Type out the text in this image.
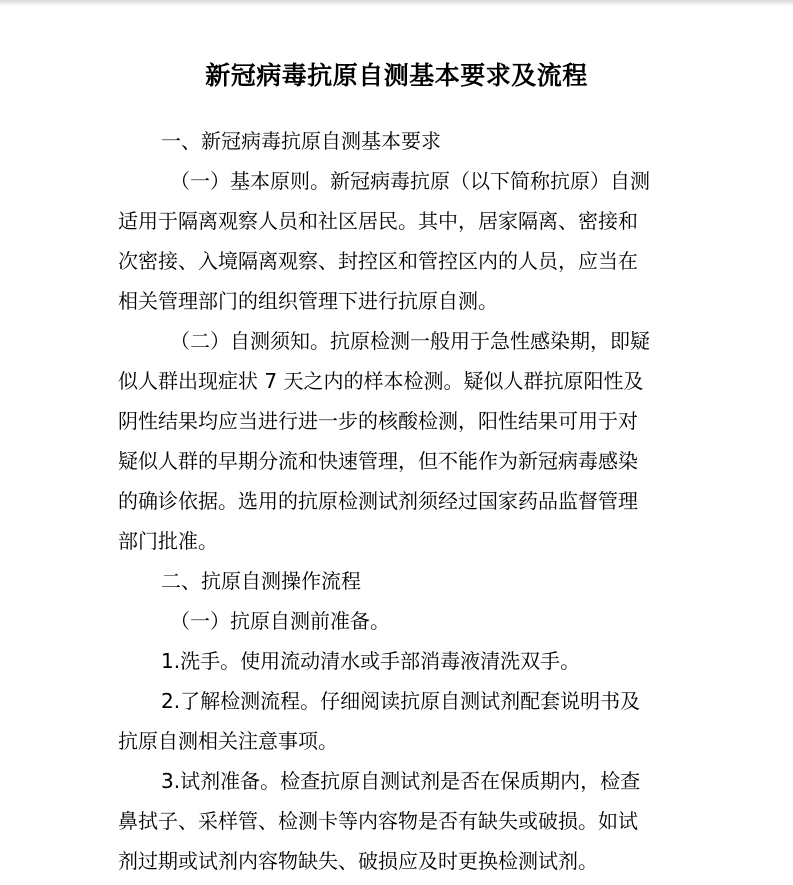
新冠病毒抗原自测基本要求及流程
一、新冠病毒抗原自测基本要求
（一）基本原则。新冠病毒抗原（以下简称抗原）自测
适用于隔离观察人员和社区居民。其中，居家隔离、密接和
次密接、入境隔离观察、封控区和管控区内的人员，应当在
相关管理部门的组织管理下进行抗原自测。
（二）自测须知。抗原检测一般用于急性感染期，即疑
似人群出现症状 7 天之内的样本检测。疑似人群抗原阳性及
阴性结果均应当进行进一步的核酸检测，阳性结果可用于对
疑似人群的早期分流和快速管理，但不能作为新冠病毒感染
的确诊依据。选用的抗原检测试剂须经过国家药品监督管理
部门批准。
二、抗原自测操作流程
（一）抗原自测前准备。
1.洗手。使用流动清水或手部消毒液清洗双手。
2.了解检测流程。仔细阅读抗原自测试剂配套说明书及
抗原自测相关注意事项。
3.试剂准备。检查抗原自测试剂是否在保质期内，检查
鼻拭子、采样管、检测卡等内容物是否有缺失或破损。如试
剂过期或试剂内容物缺失、破损应及时更换检测试剂。
